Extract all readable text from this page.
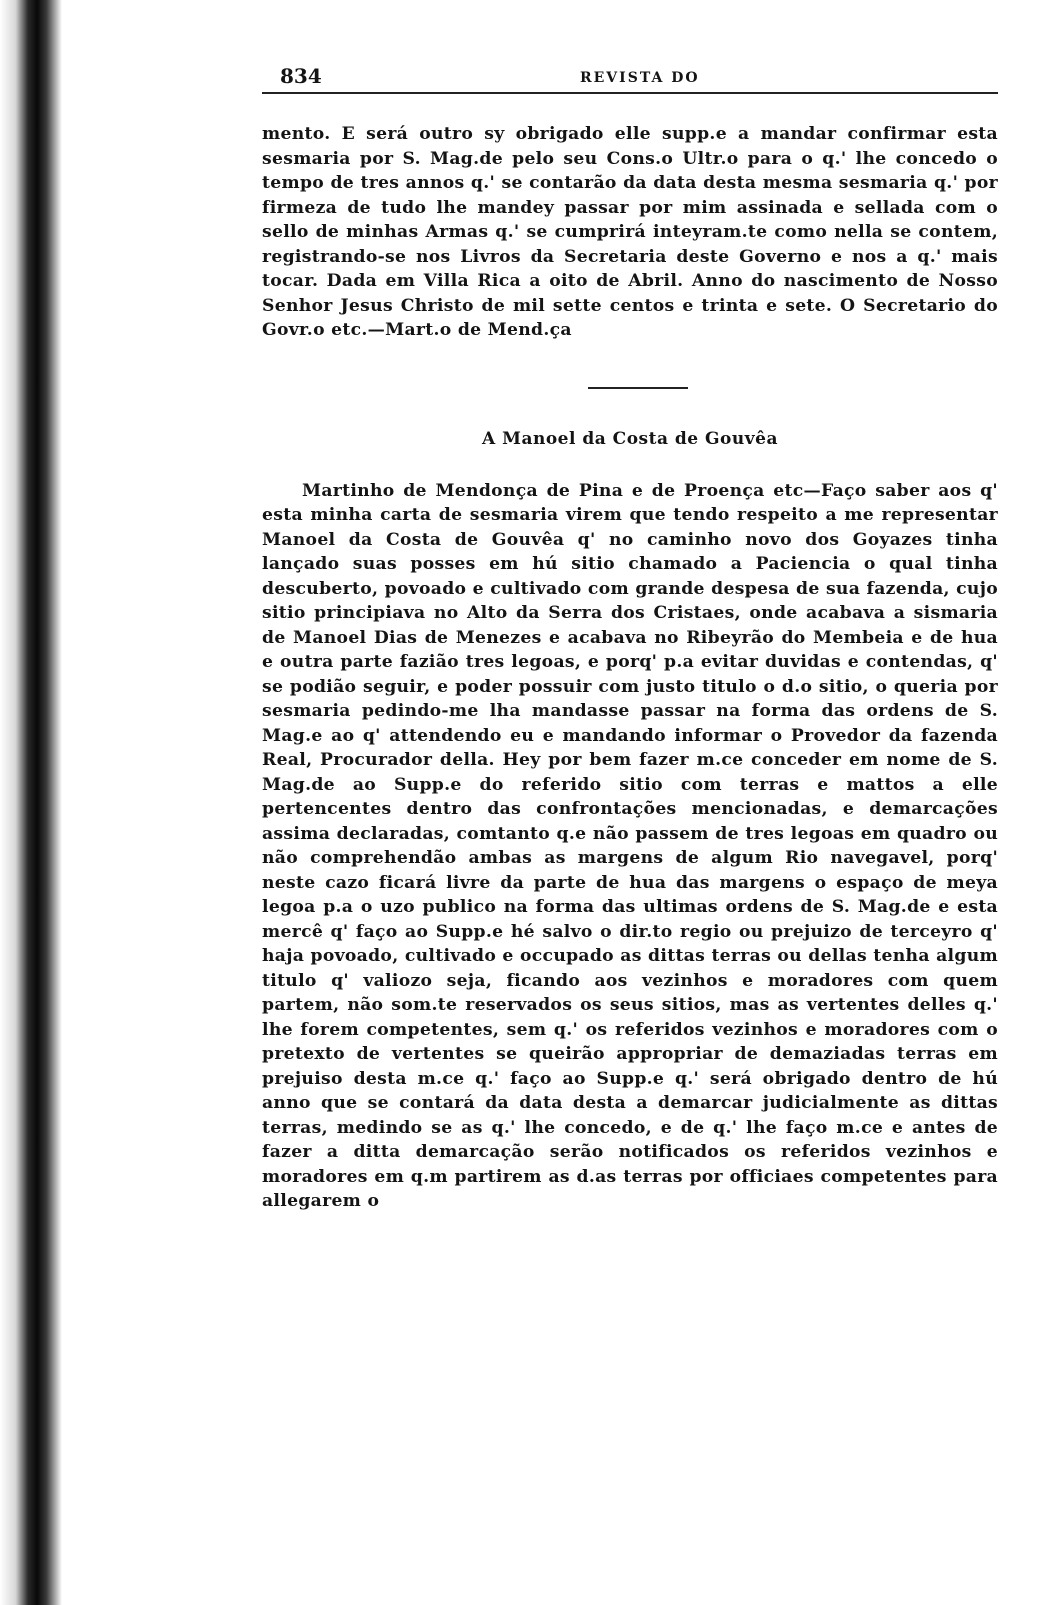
834	REVISTA DO

mento. E será outro sy obrigado elle supp.e a mandar confirmar esta sesmaria por S. Mag.de pelo seu Cons.o Ultr.o para o q.' lhe concedo o tempo de tres annos q.' se contarão da data desta mesma sesmaria q.' por firmeza de tudo lhe mandey passar por mim assinada e sellada com o sello de minhas Armas q.' se cumprirá inteyram.te como nella se contem, registrando-se nos Livros da Secretaria deste Governo e nos a q.' mais tocar. Dada em Villa Rica a oito de Abril. Anno do nascimento de Nosso Senhor Jesus Christo de mil sette centos e trinta e sete. O Secretario do Govr.o etc.—Mart.o de Mend.ça

A Manoel da Costa de Gouvêa

Martinho de Mendonça de Pina e de Proença etc—Faço saber aos q' esta minha carta de sesmaria virem que tendo respeito a me representar Manoel da Costa de Gouvêa q' no caminho novo dos Goyazes tinha lançado suas posses em hú sitio chamado a Paciencia o qual tinha descuberto, povoado e cultivado com grande despesa de sua fazenda, cujo sitio principiava no Alto da Serra dos Cristaes, onde acabava a sismaria de Manoel Dias de Menezes e acabava no Ribeyrão do Membeia e de hua e outra parte fazião tres legoas, e porq' p.a evitar duvidas e contendas, q' se podião seguir, e poder possuir com justo titulo o d.o sitio, o queria por sesmaria pedindo-me lha mandasse passar na forma das ordens de S. Mag.e ao q' attendendo eu e mandando informar o Provedor da fazenda Real, Procurador della. Hey por bem fazer m.ce conceder em nome de S. Mag.de ao Supp.e do referido sitio com terras e mattos a elle pertencentes dentro das confrontações mencionadas, e demarcações assima declaradas, comtanto q.e não passem de tres legoas em quadro ou não comprehendão ambas as margens de algum Rio navegavel, porq' neste cazo ficará livre da parte de hua das margens o espaço de meya legoa p.a o uzo publico na forma das ultimas ordens de S. Mag.de e esta mercê q' faço ao Supp.e hé salvo o dir.to regio ou prejuizo de terceyro q' haja povoado, cultivado e occupado as dittas terras ou dellas tenha algum titulo q' valiozo seja, ficando aos vezinhos e moradores com quem partem, não som.te reservados os seus sitios, mas as vertentes delles q.' lhe forem competentes, sem q.' os referidos vezinhos e moradores com o pretexto de vertentes se queirão appropriar de demaziadas terras em prejuiso desta m.ce q.' faço ao Supp.e q.' será obrigado dentro de hú anno que se contará da data desta a demarcar judicialmente as dittas terras, medindo se as q.' lhe concedo, e de q.' lhe faço m.ce e antes de fazer a ditta demarcação serão notificados os referidos vezinhos e moradores em q.m partirem as d.as terras por officiaes competentes para allegarem o
